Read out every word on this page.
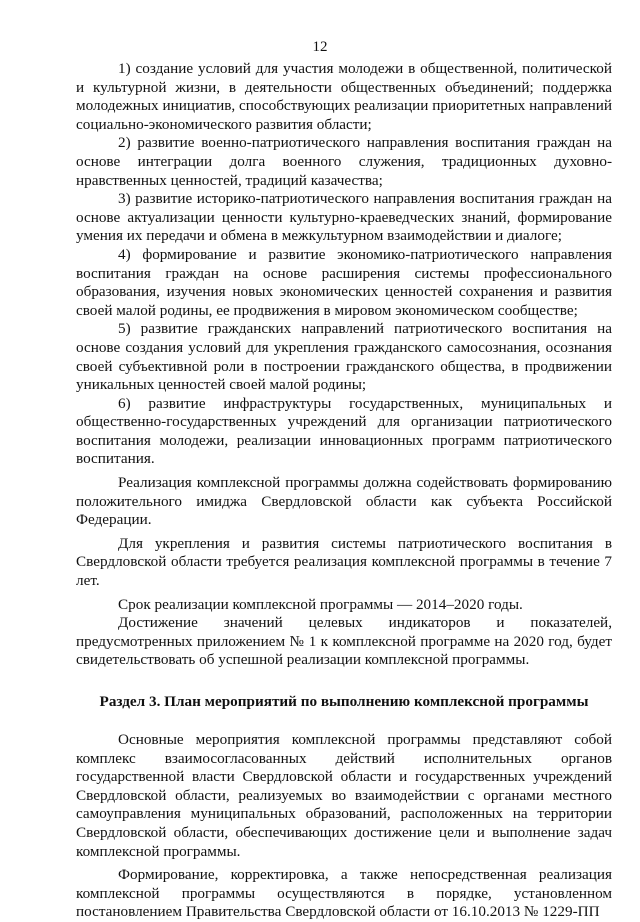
12

1) создание условий для участия молодежи в общественной, политической и культурной жизни, в деятельности общественных объединений; поддержка молодежных инициатив, способствующих реализации приоритетных направлений социально-экономического развития области;

2) развитие военно-патриотического направления воспитания граждан на основе интеграции долга военного служения, традиционных духовно-нравственных ценностей, традиций казачества;

3) развитие историко-патриотического направления воспитания граждан на основе актуализации ценности культурно-краеведческих знаний, формирование умения их передачи и обмена в межкультурном взаимодействии и диалоге;

4) формирование и развитие экономико-патриотического направления воспитания граждан на основе расширения системы профессионального образования, изучения новых экономических ценностей сохранения и развития своей малой родины, ее продвижения в мировом экономическом сообществе;

5) развитие гражданских направлений патриотического воспитания на основе создания условий для укрепления гражданского самосознания, осознания своей субъективной роли в построении гражданского общества, в продвижении уникальных ценностей своей малой родины;

6) развитие инфраструктуры государственных, муниципальных и общественно-государственных учреждений для организации патриотического воспитания молодежи, реализации инновационных программ патриотического воспитания.

Реализация комплексной программы должна содействовать формированию положительного имиджа Свердловской области как субъекта Российской Федерации.

Для укрепления и развития системы патриотического воспитания в Свердловской области требуется реализация комплексной программы в течение 7 лет.

Срок реализации комплексной программы — 2014–2020 годы.

Достижение значений целевых индикаторов и показателей, предусмотренных приложением № 1 к комплексной программе на 2020 год, будет свидетельствовать об успешной реализации комплексной программы.

Раздел 3. План мероприятий по выполнению комплексной программы

Основные мероприятия комплексной программы представляют собой комплекс взаимосогласованных действий исполнительных органов государственной власти Свердловской области и государственных учреждений Свердловской области, реализуемых во взаимодействии с органами местного самоуправления муниципальных образований, расположенных на территории Свердловской области, обеспечивающих достижение цели и выполнение задач комплексной программы.

Формирование, корректировка, а также непосредственная реализация комплексной программы осуществляются в порядке, установленном постановлением Правительства Свердловской области от 16.10.2013 № 1229-ПП
